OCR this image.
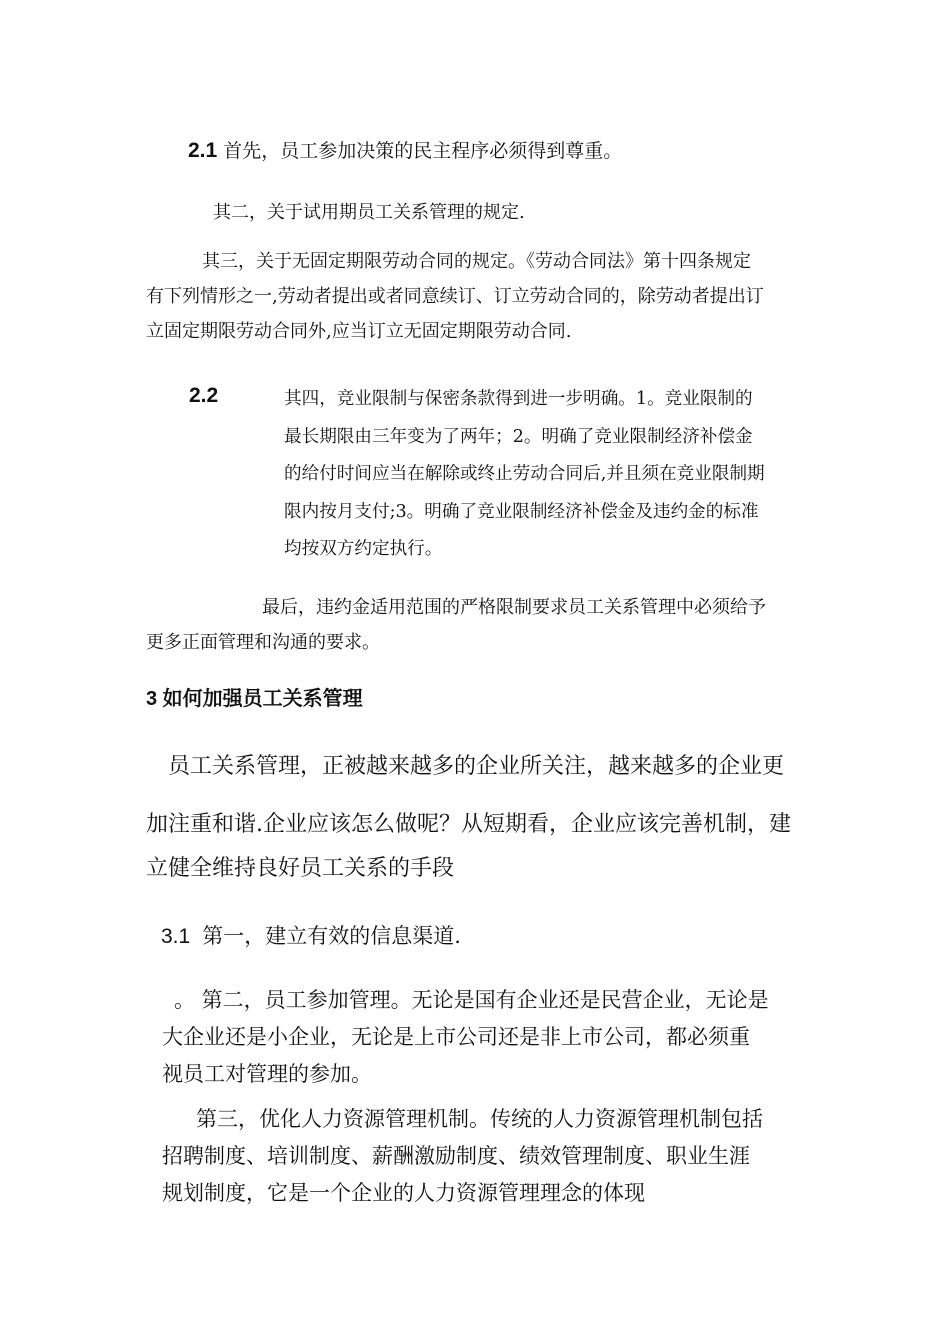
2.1 首先，员工参加决策的民主程序必须得到尊重。

其二，关于试用期员工关系管理的规定.

其三，关于无固定期限劳动合同的规定。《劳动合同法》第十四条规定
有下列情形之一,劳动者提出或者同意续订、订立劳动合同的，除劳动者提出订
立固定期限劳动合同外,应当订立无固定期限劳动合同.
2.2	其四，竞业限制与保密条款得到进一步明确。1。竞业限制的
最长期限由三年变为了两年；2。明确了竞业限制经济补偿金
的给付时间应当在解除或终止劳动合同后,并且须在竞业限制期
限内按月支付;3。明确了竞业限制经济补偿金及违约金的标准
均按双方约定执行。
最后，违约金适用范围的严格限制要求员工关系管理中必须给予
更多正面管理和沟通的要求。
3 如何加强员工关系管理
员工关系管理，正被越来越多的企业所关注，越来越多的企业更
加注重和谐.企业应该怎么做呢？从短期看，企业应该完善机制，建
立健全维持良好员工关系的手段

3.1 第一，建立有效的信息渠道.

。 第二，员工参加管理。无论是国有企业还是民营企业，无论是
大企业还是小企业，无论是上市公司还是非上市公司，都必须重
视员工对管理的参加。
第三，优化人力资源管理机制。传统的人力资源管理机制包括
招聘制度、培训制度、薪酬激励制度、绩效管理制度、职业生涯
规划制度，它是一个企业的人力资源管理理念的体现
